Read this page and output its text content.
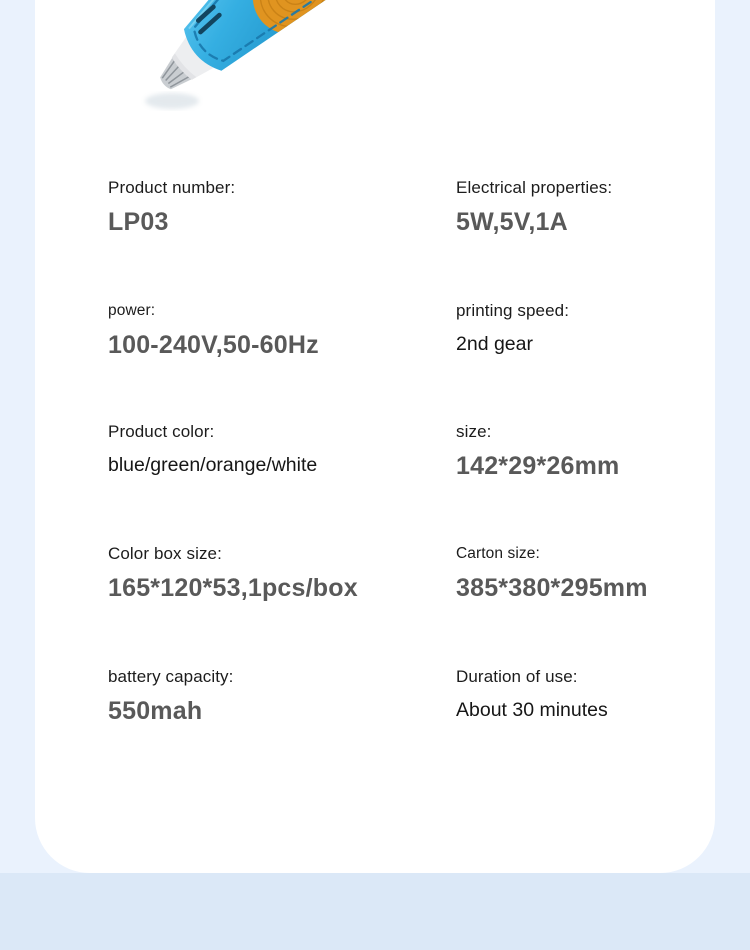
Product number:
LP03
Electrical properties:
5W,5V,1A
power:
100-240V,50-60Hz
printing speed:
2nd gear
Product color:
blue/green/orange/white
size:
142*29*26mm
Color box size:
165*120*53,1pcs/box
Carton size:
385*380*295mm
battery capacity:
550mah
Duration of use:
About 30 minutes
